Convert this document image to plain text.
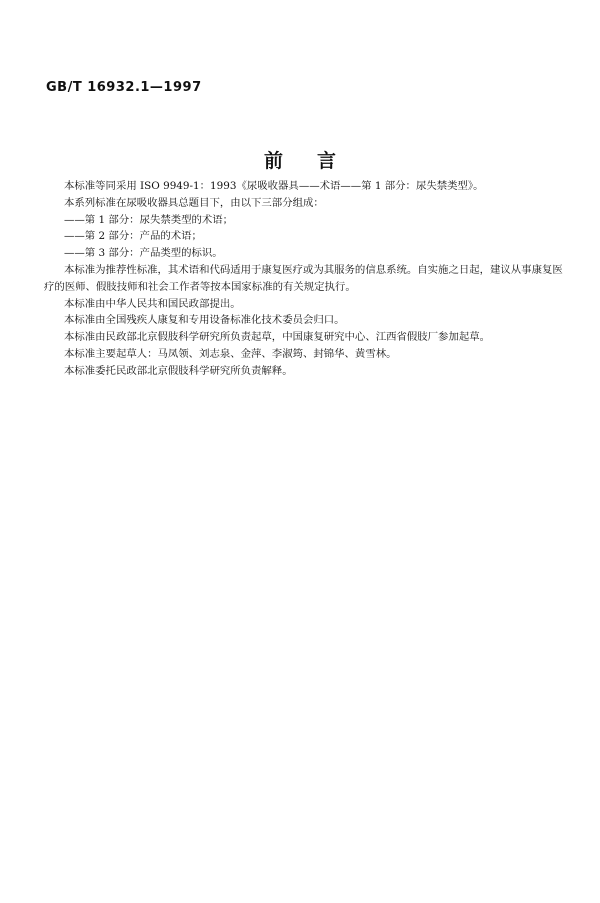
GB/T 16932.1—1997
前言

本标准等同采用 ISO 9949-1：1993《尿吸收器具——术语——第 1 部分：尿失禁类型》。

本系列标准在尿吸收器具总题目下，由以下三部分组成：

——第 1 部分：尿失禁类型的术语；

——第 2 部分：产品的术语；

——第 3 部分：产品类型的标识。

本标准为推荐性标准，其术语和代码适用于康复医疗或为其服务的信息系统。自实施之日起，建议从事康复医疗的医师、假肢技师和社会工作者等按本国家标准的有关规定执行。

本标准由中华人民共和国民政部提出。

本标准由全国残疾人康复和专用设备标准化技术委员会归口。

本标准由民政部北京假肢科学研究所负责起草，中国康复研究中心、江西省假肢厂参加起草。

本标准主要起草人：马凤领、刘志泉、金萍、李淑筠、封锦华、黄雪林。

本标准委托民政部北京假肢科学研究所负责解释。
